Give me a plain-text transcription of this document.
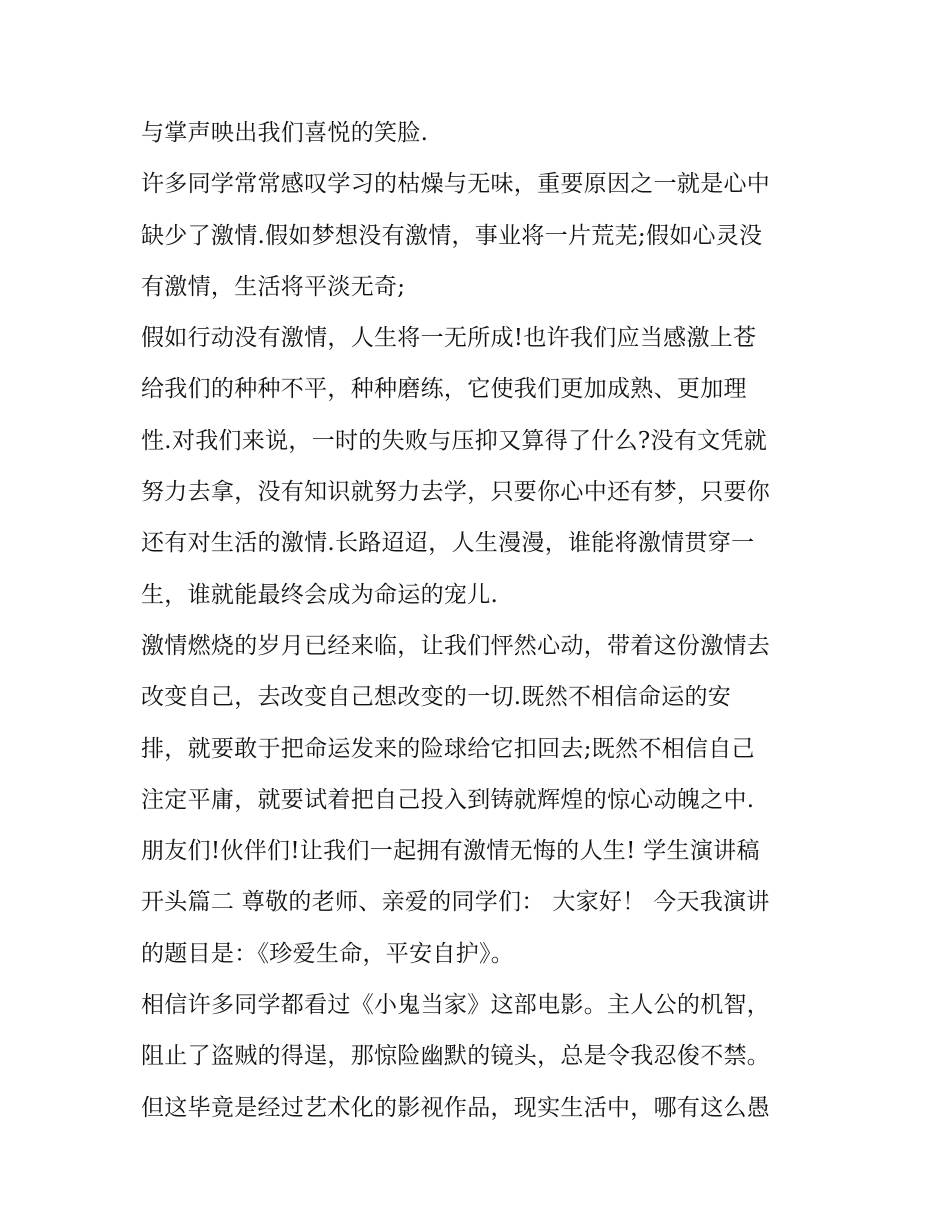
与掌声映出我们喜悦的笑脸.
许多同学常常感叹学习的枯燥与无味，重要原因之一就是心中
缺少了激情.假如梦想没有激情，事业将一片荒芜;假如心灵没
有激情，生活将平淡无奇;
假如行动没有激情，人生将一无所成!也许我们应当感激上苍
给我们的种种不平，种种磨练，它使我们更加成熟、更加理
性.对我们来说，一时的失败与压抑又算得了什么?没有文凭就
努力去拿，没有知识就努力去学，只要你心中还有梦，只要你
还有对生活的激情.长路迢迢，人生漫漫，谁能将激情贯穿一
生，谁就能最终会成为命运的宠儿.
激情燃烧的岁月已经来临，让我们怦然心动，带着这份激情去
改变自己，去改变自己想改变的一切.既然不相信命运的安
排，就要敢于把命运发来的险球给它扣回去;既然不相信自己
注定平庸，就要试着把自己投入到铸就辉煌的惊心动魄之中.
朋友们!伙伴们!让我们一起拥有激情无悔的人生! 学生演讲稿
开头篇二 尊敬的老师、亲爱的同学们： 大家好！ 今天我演讲
的题目是：《珍爱生命，平安自护》。
相信许多同学都看过《小鬼当家》这部电影。主人公的机智，
阻止了盗贼的得逞，那惊险幽默的镜头，总是令我忍俊不禁。
但这毕竟是经过艺术化的影视作品，现实生活中，哪有这么愚
